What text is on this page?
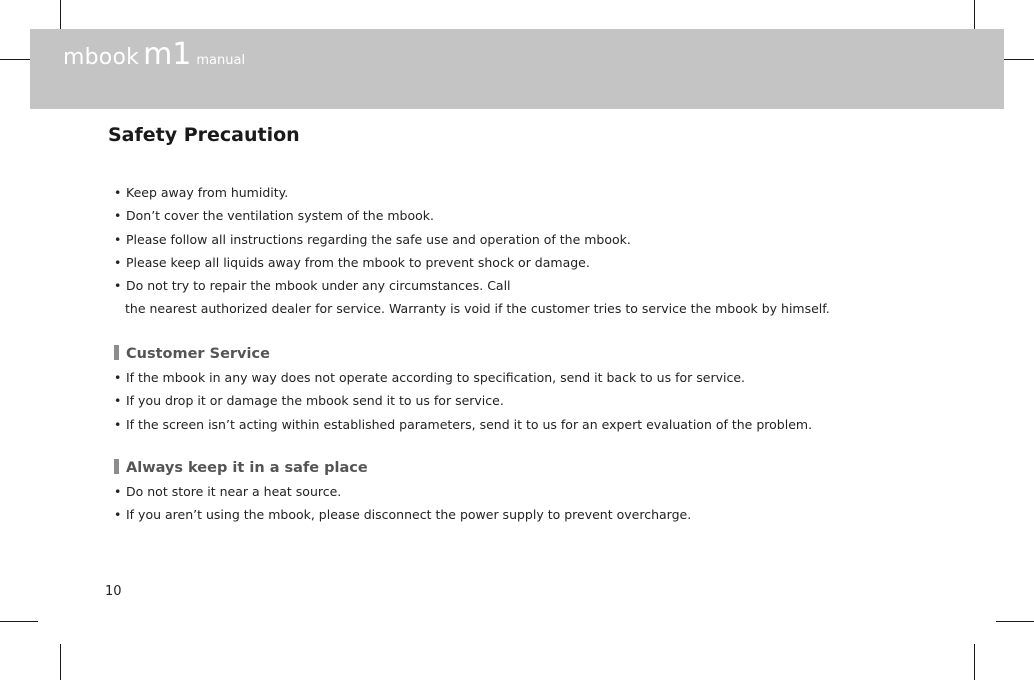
mbook m1 manual
Safety Precaution
• Keep away from humidity.
• Don’t cover the ventilation system of the mbook.
• Please follow all instructions regarding the safe use and operation of the mbook.
• Please keep all liquids away from the mbook to prevent shock or damage.
• Do not try to repair the mbook under any circumstances. Call
the nearest authorized dealer for service. Warranty is void if the customer tries to service the mbook by himself.
Customer Service
• If the mbook in any way does not operate according to specification, send it back to us for service.
• If you drop it or damage the mbook send it to us for service.
• If the screen isn’t acting within established parameters, send it to us for an expert evaluation of the problem.
Always keep it in a safe place
• Do not store it near a heat source.
• If you aren’t using the mbook, please disconnect the power supply to prevent overcharge.
10
